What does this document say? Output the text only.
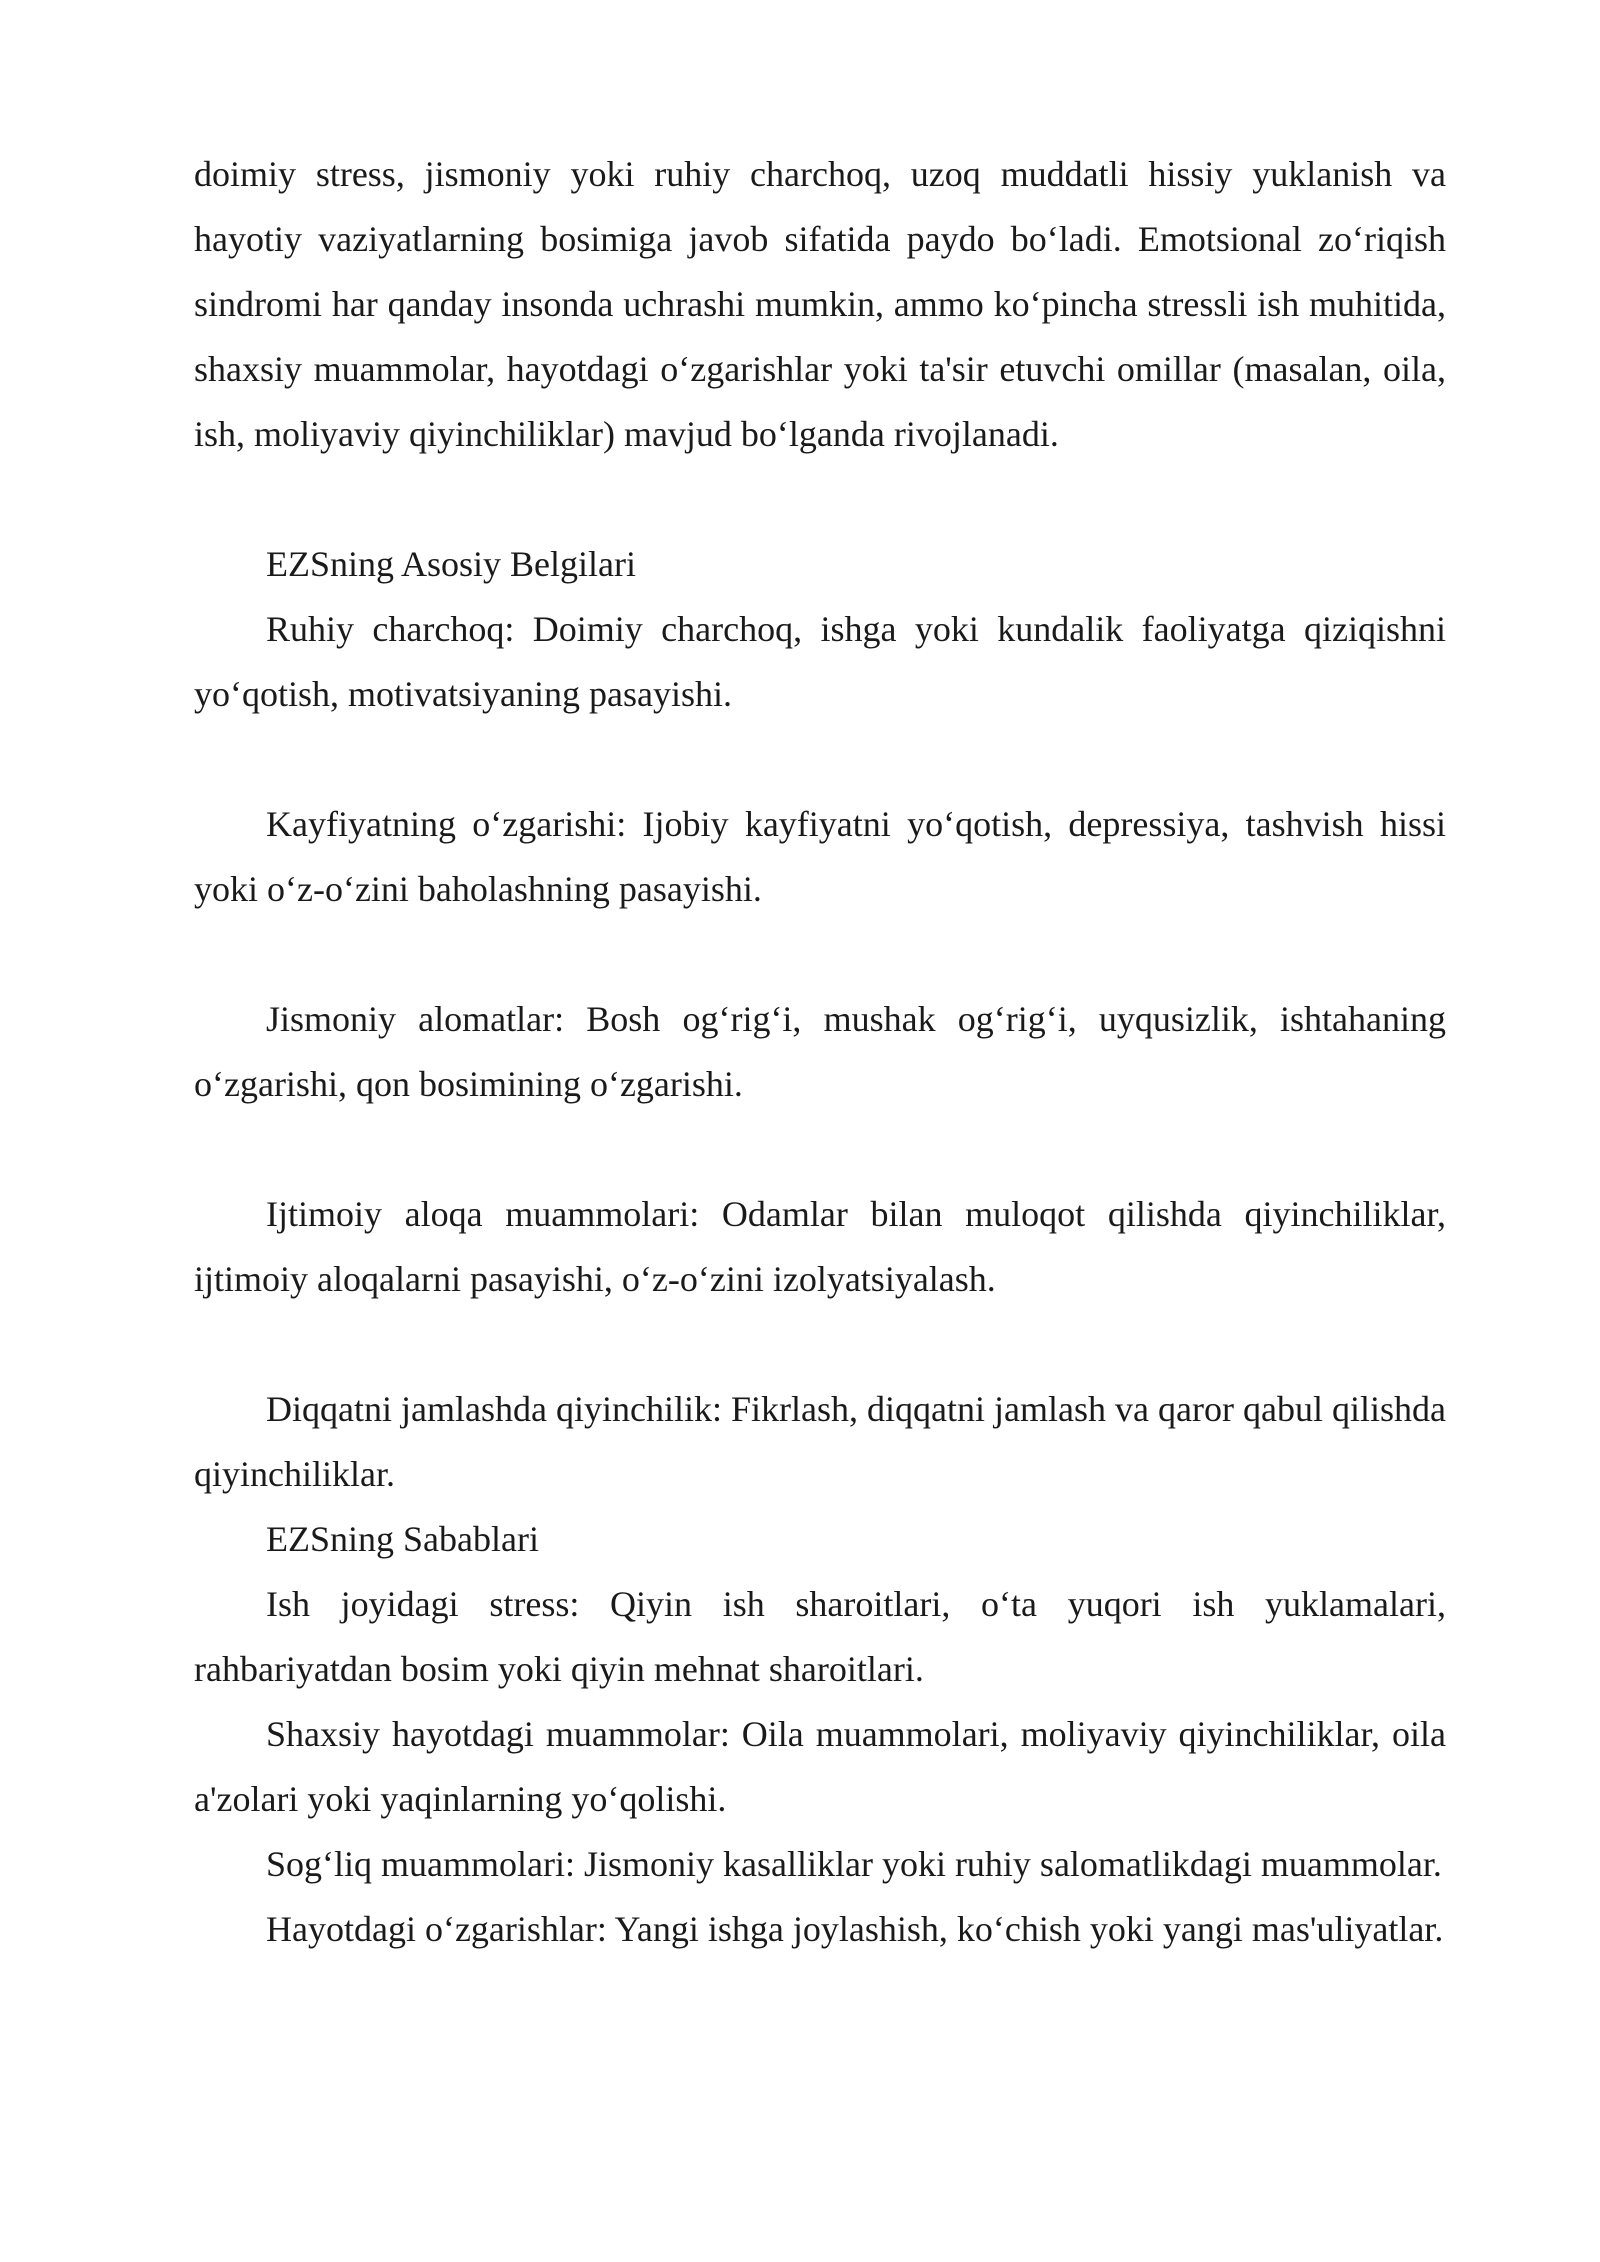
doimiy stress, jismoniy yoki ruhiy charchoq, uzoq muddatli hissiy yuklanish va hayotiy vaziyatlarning bosimiga javob sifatida paydo bo‘ladi. Emotsional zo‘riqish sindromi har qanday insonda uchrashi mumkin, ammo ko‘pincha stressli ish muhitida, shaxsiy muammolar, hayotdagi o‘zgarishlar yoki ta'sir etuvchi omillar (masalan, oila, ish, moliyaviy qiyinchiliklar) mavjud bo‘lganda rivojlanadi.

EZSning Asosiy Belgilari

Ruhiy charchoq: Doimiy charchoq, ishga yoki kundalik faoliyatga qiziqishni yo‘qotish, motivatsiyaning pasayishi.

Kayfiyatning o‘zgarishi: Ijobiy kayfiyatni yo‘qotish, depressiya, tashvish hissi yoki o‘z-o‘zini baholashning pasayishi.

Jismoniy alomatlar: Bosh og‘rig‘i, mushak og‘rig‘i, uyqusizlik, ishtahaning o‘zgarishi, qon bosimining o‘zgarishi.

Ijtimoiy aloqa muammolari: Odamlar bilan muloqot qilishda qiyinchiliklar, ijtimoiy aloqalarni pasayishi, o‘z-o‘zini izolyatsiyalash.

Diqqatni jamlashda qiyinchilik: Fikrlash, diqqatni jamlash va qaror qabul qilishda qiyinchiliklar.

EZSning Sabablari

Ish joyidagi stress: Qiyin ish sharoitlari, o‘ta yuqori ish yuklamalari, rahbariyatdan bosim yoki qiyin mehnat sharoitlari.

Shaxsiy hayotdagi muammolar: Oila muammolari, moliyaviy qiyinchiliklar, oila a'zolari yoki yaqinlarning yo‘qolishi.

Sog‘liq muammolari: Jismoniy kasalliklar yoki ruhiy salomatlikdagi muammolar.

Hayotdagi o‘zgarishlar: Yangi ishga joylashish, ko‘chish yoki yangi mas'uliyatlar.
